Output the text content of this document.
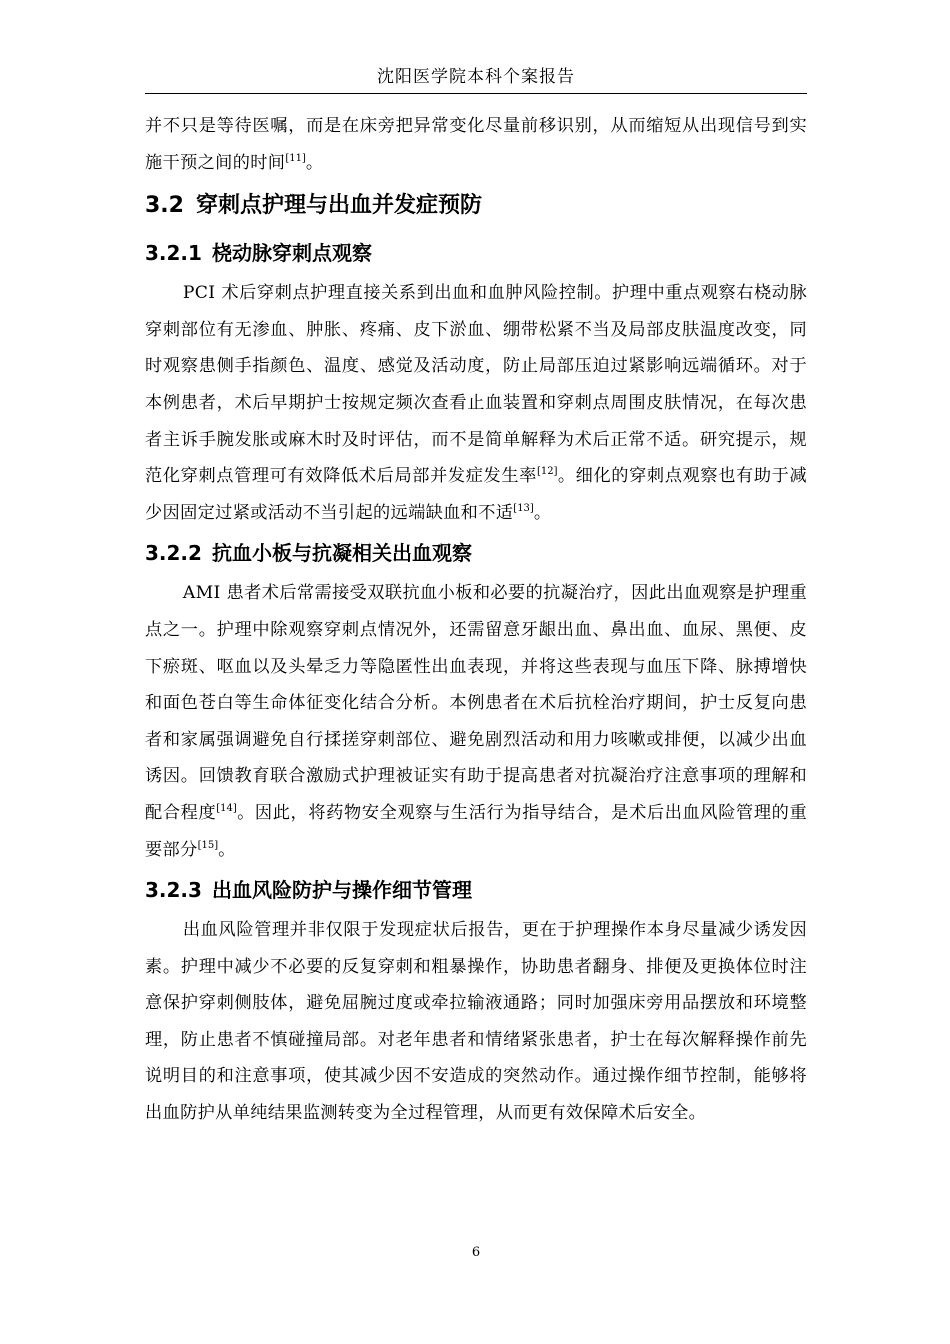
沈阳医学院本科个案报告

并不只是等待医嘱，而是在床旁把异常变化尽量前移识别，从而缩短从出现信号到实施干预之间的时间[11]。

3.2 穿刺点护理与出血并发症预防
3.2.1 桡动脉穿刺点观察

PCI 术后穿刺点护理直接关系到出血和血肿风险控制。护理中重点观察右桡动脉穿刺部位有无渗血、肿胀、疼痛、皮下淤血、绷带松紧不当及局部皮肤温度改变，同时观察患侧手指颜色、温度、感觉及活动度，防止局部压迫过紧影响远端循环。对于本例患者，术后早期护士按规定频次查看止血装置和穿刺点周围皮肤情况，在每次患者主诉手腕发胀或麻木时及时评估，而不是简单解释为术后正常不适。研究提示，规范化穿刺点管理可有效降低术后局部并发症发生率[12]。细化的穿刺点观察也有助于减少因固定过紧或活动不当引起的远端缺血和不适[13]。

3.2.2 抗血小板与抗凝相关出血观察

AMI 患者术后常需接受双联抗血小板和必要的抗凝治疗，因此出血观察是护理重点之一。护理中除观察穿刺点情况外，还需留意牙龈出血、鼻出血、血尿、黑便、皮下瘀斑、呕血以及头晕乏力等隐匿性出血表现，并将这些表现与血压下降、脉搏增快和面色苍白等生命体征变化结合分析。本例患者在术后抗栓治疗期间，护士反复向患者和家属强调避免自行揉搓穿刺部位、避免剧烈活动和用力咳嗽或排便，以减少出血诱因。回馈教育联合激励式护理被证实有助于提高患者对抗凝治疗注意事项的理解和配合程度[14]。因此，将药物安全观察与生活行为指导结合，是术后出血风险管理的重要部分[15]。

3.2.3 出血风险防护与操作细节管理

出血风险管理并非仅限于发现症状后报告，更在于护理操作本身尽量减少诱发因素。护理中减少不必要的反复穿刺和粗暴操作，协助患者翻身、排便及更换体位时注意保护穿刺侧肢体，避免屈腕过度或牵拉输液通路；同时加强床旁用品摆放和环境整理，防止患者不慎碰撞局部。对老年患者和情绪紧张患者，护士在每次解释操作前先说明目的和注意事项，使其减少因不安造成的突然动作。通过操作细节控制，能够将出血防护从单纯结果监测转变为全过程管理，从而更有效保障术后安全。

6
